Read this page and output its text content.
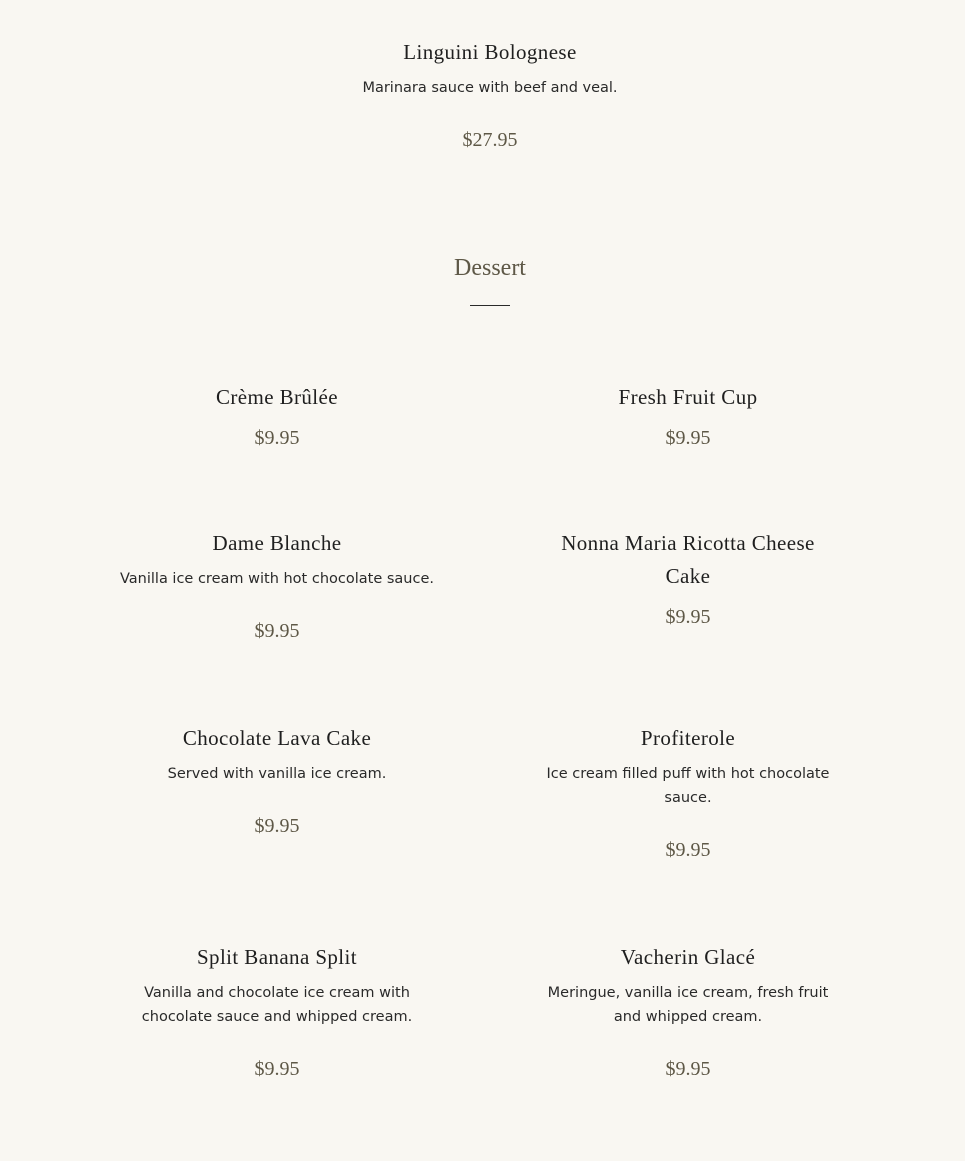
Linguini Bolognese

Marinara sauce with beef and veal.

$27.95

Dessert
Crème Brûlée

$9.95

Fresh Fruit Cup

$9.95

Dame Blanche

Vanilla ice cream with hot chocolate sauce.

$9.95

Nonna Maria Ricotta Cheese Cake

$9.95

Chocolate Lava Cake

Served with vanilla ice cream.

$9.95

Profiterole

Ice cream filled puff with hot chocolate sauce.

$9.95

Split Banana Split

Vanilla and chocolate ice cream with chocolate sauce and whipped cream.

$9.95

Vacherin Glacé

Meringue, vanilla ice cream, fresh fruit and whipped cream.

$9.95
